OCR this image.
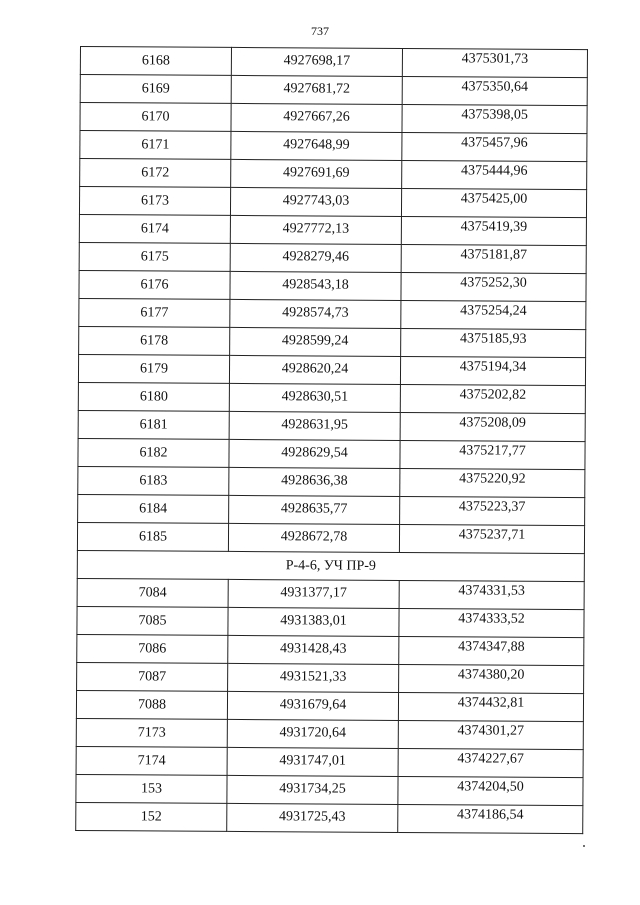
737
6168	4927698,17	4375301,73
6169	4927681,72	4375350,64
6170	4927667,26	4375398,05
6171	4927648,99	4375457,96
6172	4927691,69	4375444,96
6173	4927743,03	4375425,00
6174	4927772,13	4375419,39
6175	4928279,46	4375181,87
6176	4928543,18	4375252,30
6177	4928574,73	4375254,24
6178	4928599,24	4375185,93
6179	4928620,24	4375194,34
6180	4928630,51	4375202,82
6181	4928631,95	4375208,09
6182	4928629,54	4375217,77
6183	4928636,38	4375220,92
6184	4928635,77	4375223,37
6185	4928672,78	4375237,71
Р-4-6, УЧ ПР-9		
7084	4931377,17	4374331,53
7085	4931383,01	4374333,52
7086	4931428,43	4374347,88
7087	4931521,33	4374380,20
7088	4931679,64	4374432,81
7173	4931720,64	4374301,27
7174	4931747,01	4374227,67
153	4931734,25	4374204,50
152	4931725,43	4374186,54
